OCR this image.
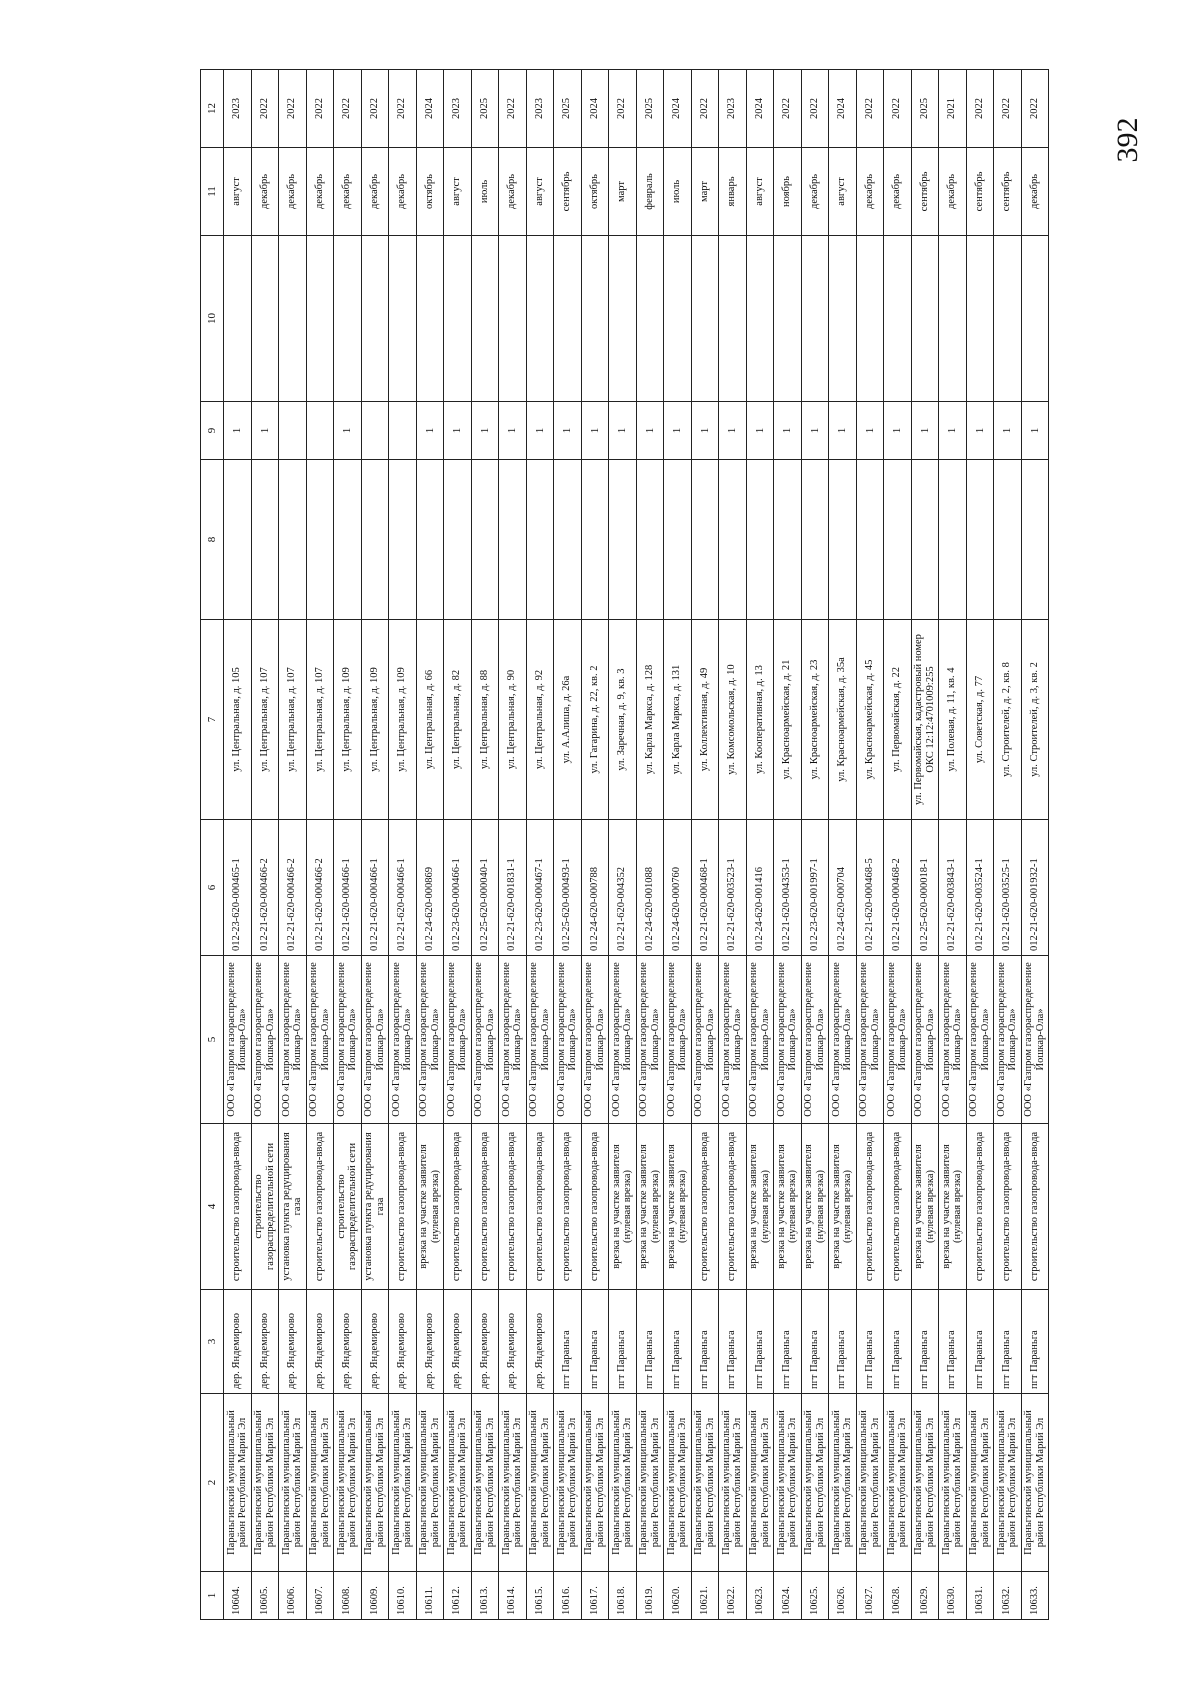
392
1	2	3	4	5	6	7	8	9	10	11	12
10604.	Параньгинский муниципальный район Республики Марий Эл	дер. Яндемирово	строительство газопровода-ввода	ООО «Газпром газораспределение Йошкар-Ола»	012-23-620-000465-1	ул. Центральная, д. 105		1		август	2023
10605.	Параньгинский муниципальный район Республики Марий Эл	дер. Яндемирово	строительство газораспределительной сети	ООО «Газпром газораспределение Йошкар-Ола»	012-21-620-000466-2	ул. Центральная, д. 107		1		декабрь	2022
10606.	Параньгинский муниципальный район Республики Марий Эл	дер. Яндемирово	установка пункта редуцирования газа	ООО «Газпром газораспределение Йошкар-Ола»	012-21-620-000466-2	ул. Центральная, д. 107				декабрь	2022
10607.	Параньгинский муниципальный район Республики Марий Эл	дер. Яндемирово	строительство газопровода-ввода	ООО «Газпром газораспределение Йошкар-Ола»	012-21-620-000466-2	ул. Центральная, д. 107				декабрь	2022
10608.	Параньгинский муниципальный район Республики Марий Эл	дер. Яндемирово	строительство газораспределительной сети	ООО «Газпром газораспределение Йошкар-Ола»	012-21-620-000466-1	ул. Центральная, д. 109		1		декабрь	2022
10609.	Параньгинский муниципальный район Республики Марий Эл	дер. Яндемирово	установка пункта редуцирования газа	ООО «Газпром газораспределение Йошкар-Ола»	012-21-620-000466-1	ул. Центральная, д. 109				декабрь	2022
10610.	Параньгинский муниципальный район Республики Марий Эл	дер. Яндемирово	строительство газопровода-ввода	ООО «Газпром газораспределение Йошкар-Ола»	012-21-620-000466-1	ул. Центральная, д. 109				декабрь	2022
10611.	Параньгинский муниципальный район Республики Марий Эл	дер. Яндемирово	врезка на участке заявителя (нулевая врезка)	ООО «Газпром газораспределение Йошкар-Ола»	012-24-620-000869	ул. Центральная, д. 66		1		октябрь	2024
10612.	Параньгинский муниципальный район Республики Марий Эл	дер. Яндемирово	строительство газопровода-ввода	ООО «Газпром газораспределение Йошкар-Ола»	012-23-620-000466-1	ул. Центральная, д. 82		1		август	2023
10613.	Параньгинский муниципальный район Республики Марий Эл	дер. Яндемирово	строительство газопровода-ввода	ООО «Газпром газораспределение Йошкар-Ола»	012-25-620-000040-1	ул. Центральная, д. 88		1		июль	2025
10614.	Параньгинский муниципальный район Республики Марий Эл	дер. Яндемирово	строительство газопровода-ввода	ООО «Газпром газораспределение Йошкар-Ола»	012-21-620-001831-1	ул. Центральная, д. 90		1		декабрь	2022
10615.	Параньгинский муниципальный район Республики Марий Эл	дер. Яндемирово	строительство газопровода-ввода	ООО «Газпром газораспределение Йошкар-Ола»	012-23-620-000467-1	ул. Центральная, д. 92		1		август	2023
10616.	Параньгинский муниципальный район Республики Марий Эл	пгт Параньга	строительство газопровода-ввода	ООО «Газпром газораспределение Йошкар-Ола»	012-25-620-000493-1	ул. А.Алиша, д. 26а		1		сентябрь	2025
10617.	Параньгинский муниципальный район Республики Марий Эл	пгт Параньга	строительство газопровода-ввода	ООО «Газпром газораспределение Йошкар-Ола»	012-24-620-000788	ул. Гагарина, д. 22, кв. 2		1		октябрь	2024
10618.	Параньгинский муниципальный район Республики Марий Эл	пгт Параньга	врезка на участке заявителя (нулевая врезка)	ООО «Газпром газораспределение Йошкар-Ола»	012-21-620-004352	ул. Заречная, д. 9, кв. 3		1		март	2022
10619.	Параньгинский муниципальный район Республики Марий Эл	пгт Параньга	врезка на участке заявителя (нулевая врезка)	ООО «Газпром газораспределение Йошкар-Ола»	012-24-620-001088	ул. Карла Маркса, д. 128		1		февраль	2025
10620.	Параньгинский муниципальный район Республики Марий Эл	пгт Параньга	врезка на участке заявителя (нулевая врезка)	ООО «Газпром газораспределение Йошкар-Ола»	012-24-620-000760	ул. Карла Маркса, д. 131		1		июль	2024
10621.	Параньгинский муниципальный район Республики Марий Эл	пгт Параньга	строительство газопровода-ввода	ООО «Газпром газораспределение Йошкар-Ола»	012-21-620-000468-1	ул. Коллективная, д. 49		1		март	2022
10622.	Параньгинский муниципальный район Республики Марий Эл	пгт Параньга	строительство газопровода-ввода	ООО «Газпром газораспределение Йошкар-Ола»	012-21-620-003523-1	ул. Комсомольская, д. 10		1		январь	2023
10623.	Параньгинский муниципальный район Республики Марий Эл	пгт Параньга	врезка на участке заявителя (нулевая врезка)	ООО «Газпром газораспределение Йошкар-Ола»	012-24-620-001416	ул. Кооперативная, д. 13		1		август	2024
10624.	Параньгинский муниципальный район Республики Марий Эл	пгт Параньга	врезка на участке заявителя (нулевая врезка)	ООО «Газпром газораспределение Йошкар-Ола»	012-21-620-004353-1	ул. Красноармейская, д. 21		1		ноябрь	2022
10625.	Параньгинский муниципальный район Республики Марий Эл	пгт Параньга	врезка на участке заявителя (нулевая врезка)	ООО «Газпром газораспределение Йошкар-Ола»	012-23-620-001997-1	ул. Красноармейская, д. 23		1		декабрь	2022
10626.	Параньгинский муниципальный район Республики Марий Эл	пгт Параньга	врезка на участке заявителя (нулевая врезка)	ООО «Газпром газораспределение Йошкар-Ола»	012-24-620-000704	ул. Красноармейская, д. 35а		1		август	2024
10627.	Параньгинский муниципальный район Республики Марий Эл	пгт Параньга	строительство газопровода-ввода	ООО «Газпром газораспределение Йошкар-Ола»	012-21-620-000468-5	ул. Красноармейская, д. 45		1		декабрь	2022
10628.	Параньгинский муниципальный район Республики Марий Эл	пгт Параньга	строительство газопровода-ввода	ООО «Газпром газораспределение Йошкар-Ола»	012-21-620-000468-2	ул. Первомайская, д. 22		1		декабрь	2022
10629.	Параньгинский муниципальный район Республики Марий Эл	пгт Параньга	врезка на участке заявителя (нулевая врезка)	ООО «Газпром газораспределение Йошкар-Ола»	012-25-620-000018-1	ул. Первомайская, кадастровый номер ОКС 12:12:4701009:255		1		сентябрь	2025
10630.	Параньгинский муниципальный район Республики Марий Эл	пгт Параньга	врезка на участке заявителя (нулевая врезка)	ООО «Газпром газораспределение Йошкар-Ола»	012-21-620-003843-1	ул. Полевая, д. 11, кв. 4		1		декабрь	2021
10631.	Параньгинский муниципальный район Республики Марий Эл	пгт Параньга	строительство газопровода-ввода	ООО «Газпром газораспределение Йошкар-Ола»	012-21-620-003524-1	ул. Советская, д. 77		1		сентябрь	2022
10632.	Параньгинский муниципальный район Республики Марий Эл	пгт Параньга	строительство газопровода-ввода	ООО «Газпром газораспределение Йошкар-Ола»	012-21-620-003525-1	ул. Строителей, д. 2, кв. 8		1		сентябрь	2022
10633.	Параньгинский муниципальный район Республики Марий Эл	пгт Параньга	строительство газопровода-ввода	ООО «Газпром газораспределение Йошкар-Ола»	012-21-620-001932-1	ул. Строителей, д. 3, кв. 2		1		декабрь	2022
